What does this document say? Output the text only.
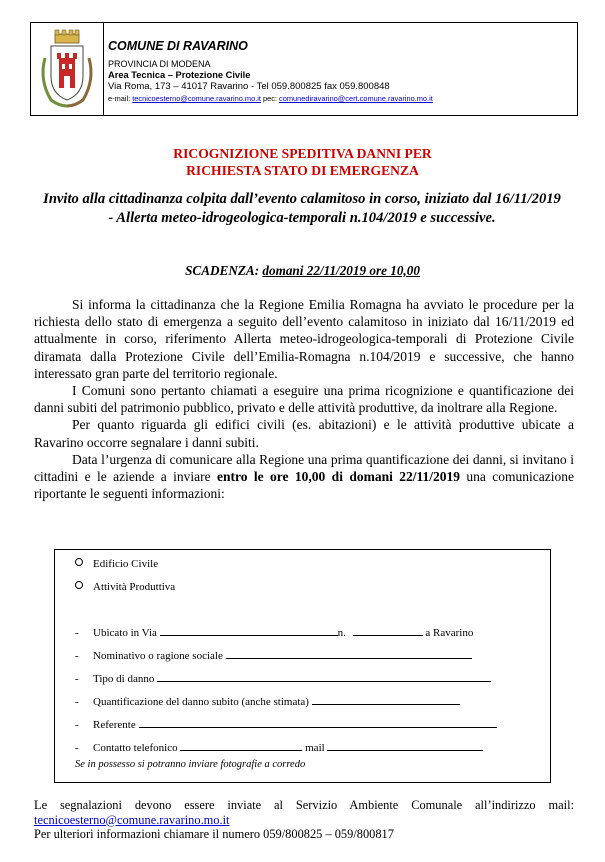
COMUNE DI RAVARINO
PROVINCIA DI MODENA
Area Tecnica – Protezione Civile
Via Roma, 173 – 41017 Ravarino - Tel 059.800825 fax 059.800848
e-mail: tecnicoesterno@comune.ravarino.mo.it pec: comunediravarino@cert.comune.ravarino.mo.it
RICOGNIZIONE SPEDITIVA DANNI PER
RICHIESTA STATO DI EMERGENZA
Invito alla cittadinanza colpita dall’evento calamitoso in corso, iniziato dal 16/11/2019 - Allerta meteo-idrogeologica-temporali n.104/2019 e successive.
SCADENZA: domani 22/11/2019 ore 10,00

Si informa la cittadinanza che la Regione Emilia Romagna ha avviato le procedure per la richiesta dello stato di emergenza a seguito dell’evento calamitoso in iniziato dal 16/11/2019 ed attualmente in corso, riferimento Allerta meteo-idrogeologica-temporali di Protezione Civile diramata dalla Protezione Civile dell’Emilia-Romagna n.104/2019 e successive, che hanno interessato gran parte del territorio regionale.

I Comuni sono pertanto chiamati a eseguire una prima ricognizione e quantificazione dei danni subiti del patrimonio pubblico, privato e delle attività produttive, da inoltrare alla Regione.

Per quanto riguarda gli edifici civili (es. abitazioni) e le attività produttive ubicate a Ravarino occorre segnalare i danni subiti.

Data l’urgenza di comunicare alla Regione una prima quantificazione dei danni, si invitano i cittadini e le aziende a inviare entro le ore 10,00 di domani 22/11/2019 una comunicazione riportante le seguenti informazioni:

Edificio Civile
Attività Produttiva
- Ubicato in Via	n.	a Ravarino
- Nominativo o ragione sociale
- Tipo di danno
- Quantificazione del danno subito (anche stimata)
- Referente
- Contatto telefonico	mail
Se in possesso si potranno inviare fotografie a corredo
Le segnalazioni devono essere inviate al Servizio Ambiente Comunale all’indirizzo mail:
tecnicoesterno@comune.ravarino.mo.it
Per ulteriori informazioni chiamare il numero 059/800825 – 059/800817
